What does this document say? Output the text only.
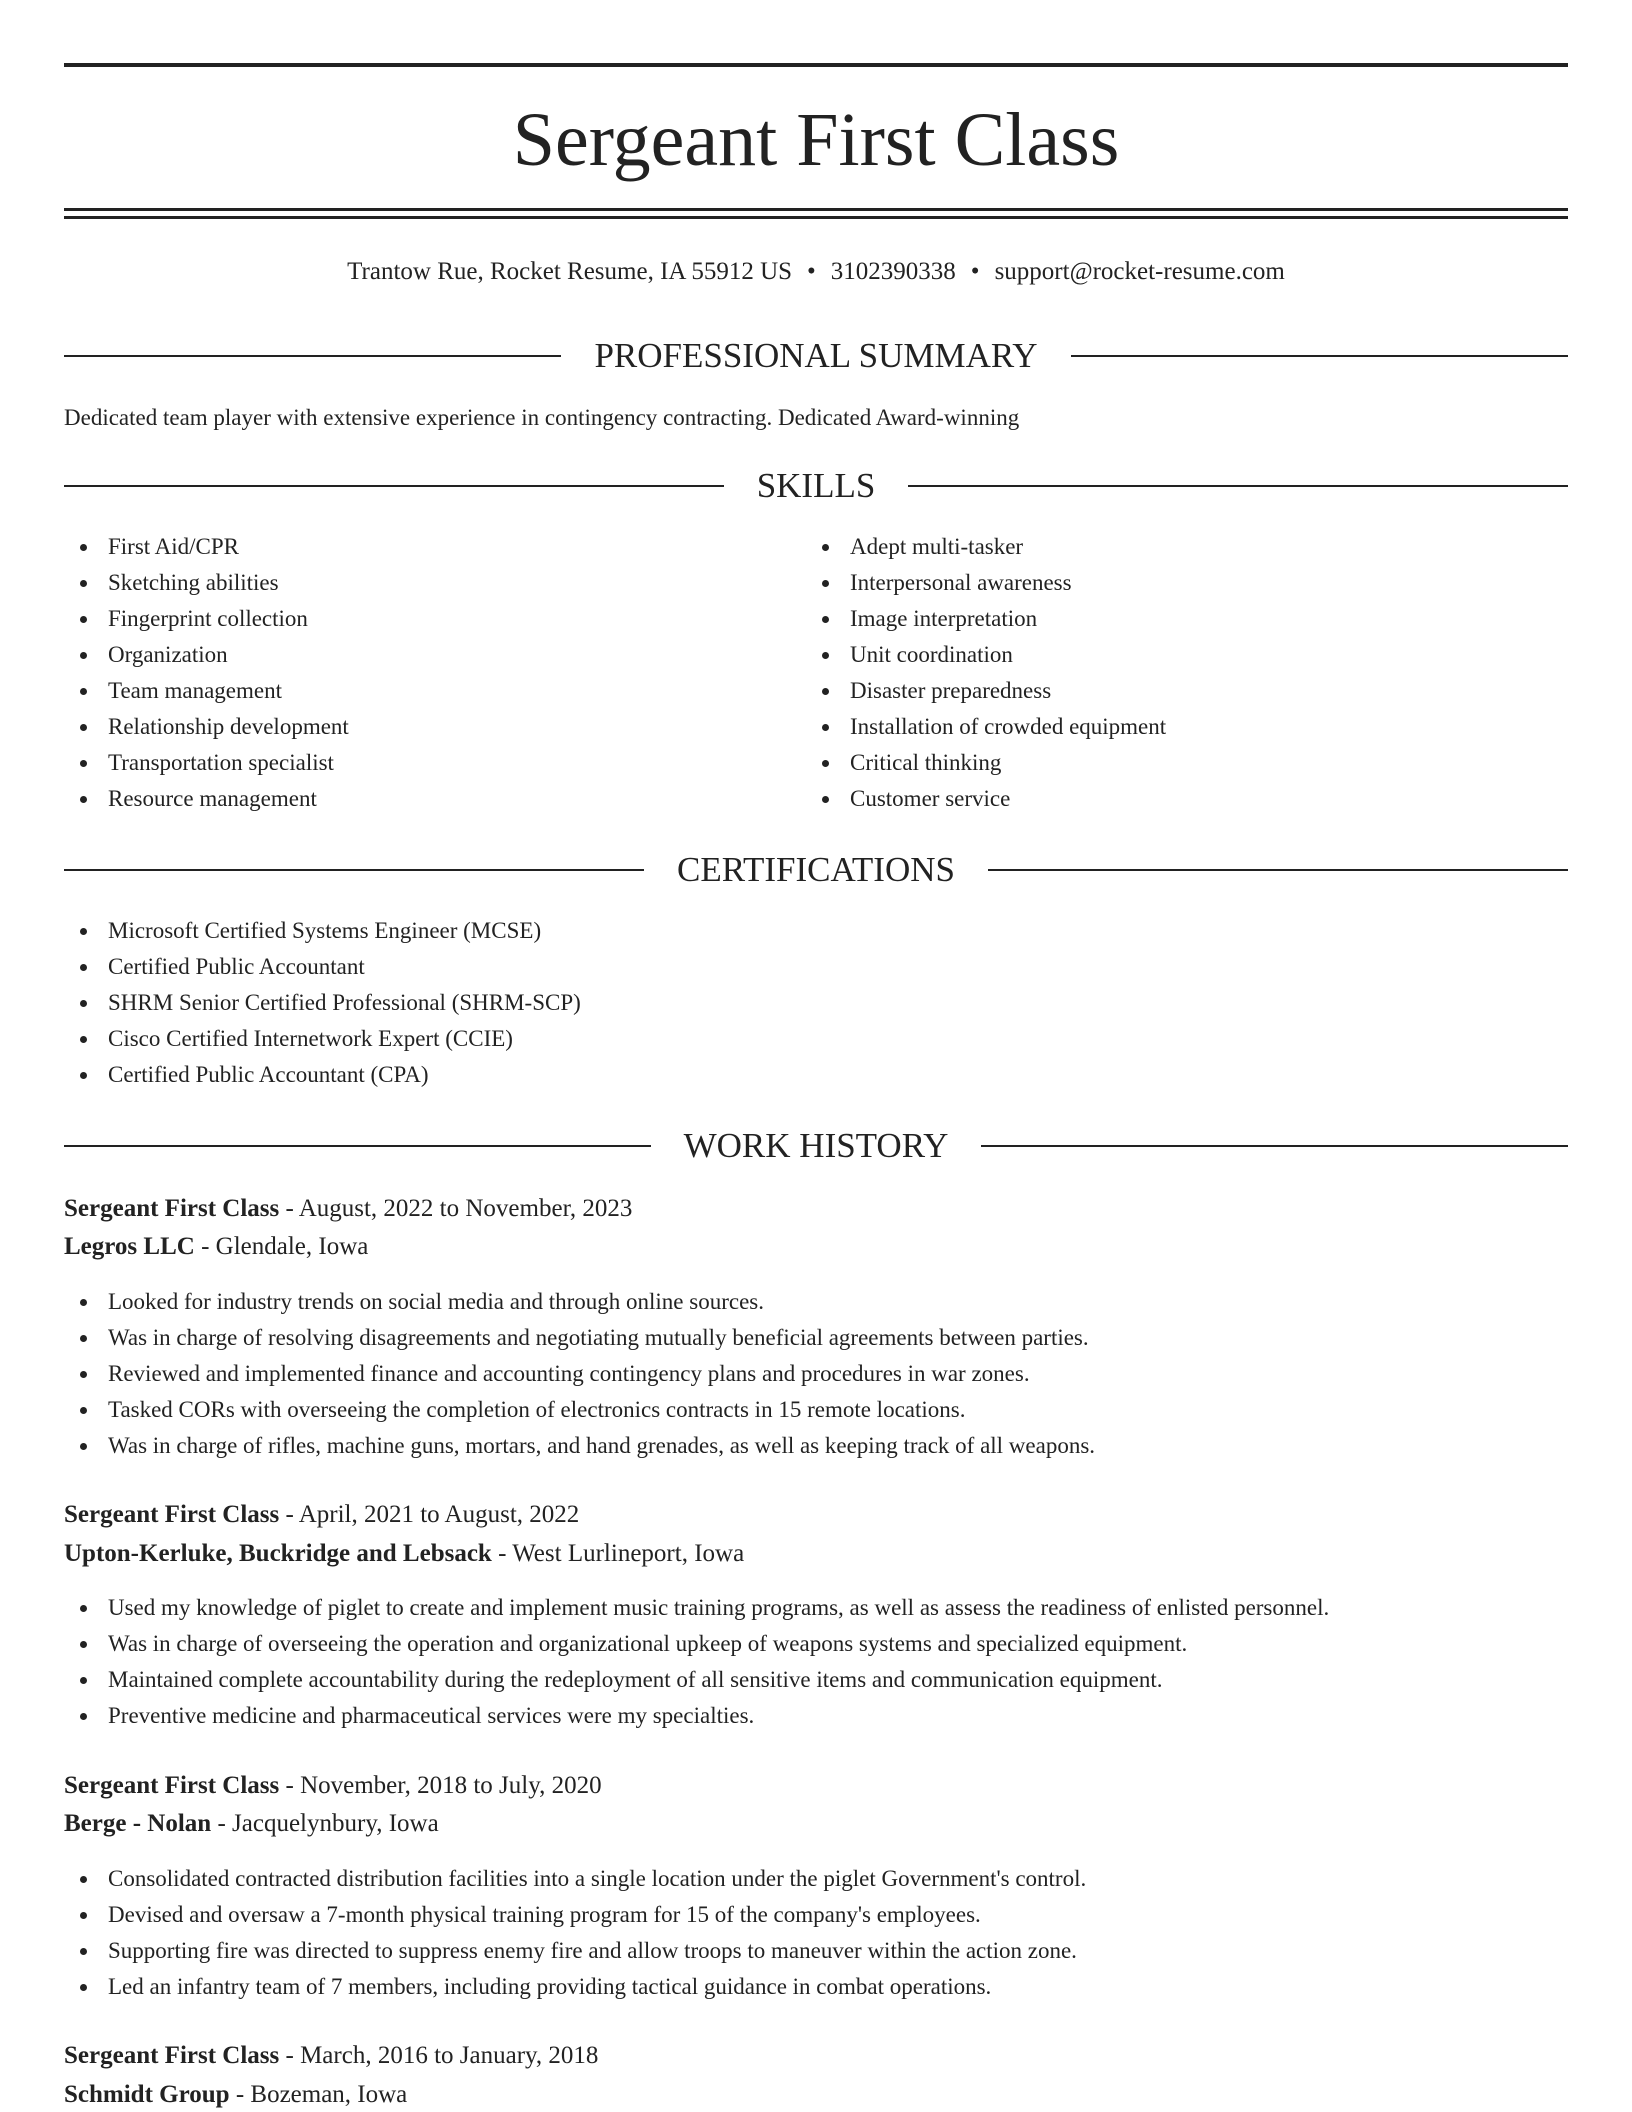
Sergeant First Class
Trantow Rue, Rocket Resume, IA 55912 US • 3102390338 • support@rocket-resume.com
PROFESSIONAL SUMMARY
Dedicated team player with extensive experience in contingency contracting. Dedicated Award-winning
SKILLS
First Aid/CPR
Sketching abilities
Fingerprint collection
Organization
Team management
Relationship development
Transportation specialist
Resource management
Adept multi-tasker
Interpersonal awareness
Image interpretation
Unit coordination
Disaster preparedness
Installation of crowded equipment
Critical thinking
Customer service
CERTIFICATIONS
Microsoft Certified Systems Engineer (MCSE)
Certified Public Accountant
SHRM Senior Certified Professional (SHRM-SCP)
Cisco Certified Internetwork Expert (CCIE)
Certified Public Accountant (CPA)
WORK HISTORY
Sergeant First Class - August, 2022 to November, 2023
Legros LLC - Glendale, Iowa
Looked for industry trends on social media and through online sources.
Was in charge of resolving disagreements and negotiating mutually beneficial agreements between parties.
Reviewed and implemented finance and accounting contingency plans and procedures in war zones.
Tasked CORs with overseeing the completion of electronics contracts in 15 remote locations.
Was in charge of rifles, machine guns, mortars, and hand grenades, as well as keeping track of all weapons.
Sergeant First Class - April, 2021 to August, 2022
Upton-Kerluke, Buckridge and Lebsack - West Lurlineport, Iowa
Used my knowledge of piglet to create and implement music training programs, as well as assess the readiness of enlisted personnel.
Was in charge of overseeing the operation and organizational upkeep of weapons systems and specialized equipment.
Maintained complete accountability during the redeployment of all sensitive items and communication equipment.
Preventive medicine and pharmaceutical services were my specialties.
Sergeant First Class - November, 2018 to July, 2020
Berge - Nolan - Jacquelynbury, Iowa
Consolidated contracted distribution facilities into a single location under the piglet Government's control.
Devised and oversaw a 7-month physical training program for 15 of the company's employees.
Supporting fire was directed to suppress enemy fire and allow troops to maneuver within the action zone.
Led an infantry team of 7 members, including providing tactical guidance in combat operations.
Sergeant First Class - March, 2016 to January, 2018
Schmidt Group - Bozeman, Iowa
